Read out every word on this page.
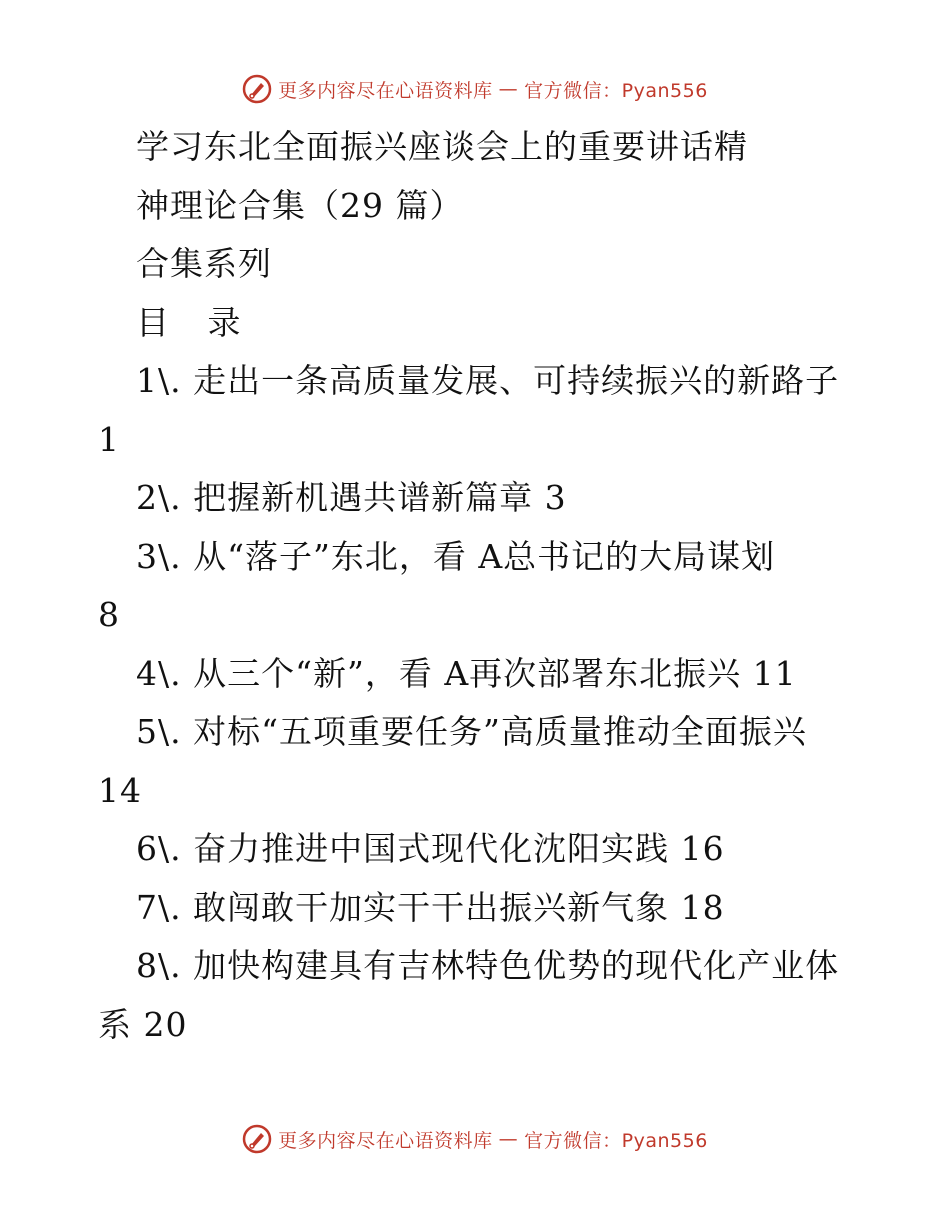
更多内容尽在心语资料库 — 官方微信：Pyan556
学习东北全面振兴座谈会上的重要讲话精
神理论合集（29 篇）
合集系列
目 录
1\. 走出一条高质量发展、可持续振兴的新路子
1
2\. 把握新机遇共谱新篇章 3
3\. 从“落子”东北，看 A总书记的大局谋划
8
4\. 从三个“新”，看 A再次部署东北振兴 11
5\. 对标“五项重要任务”高质量推动全面振兴
14
6\. 奋力推进中国式现代化沈阳实践 16
7\. 敢闯敢干加实干干出振兴新气象 18
8\. 加快构建具有吉林特色优势的现代化产业体
系 20
更多内容尽在心语资料库 — 官方微信：Pyan556
